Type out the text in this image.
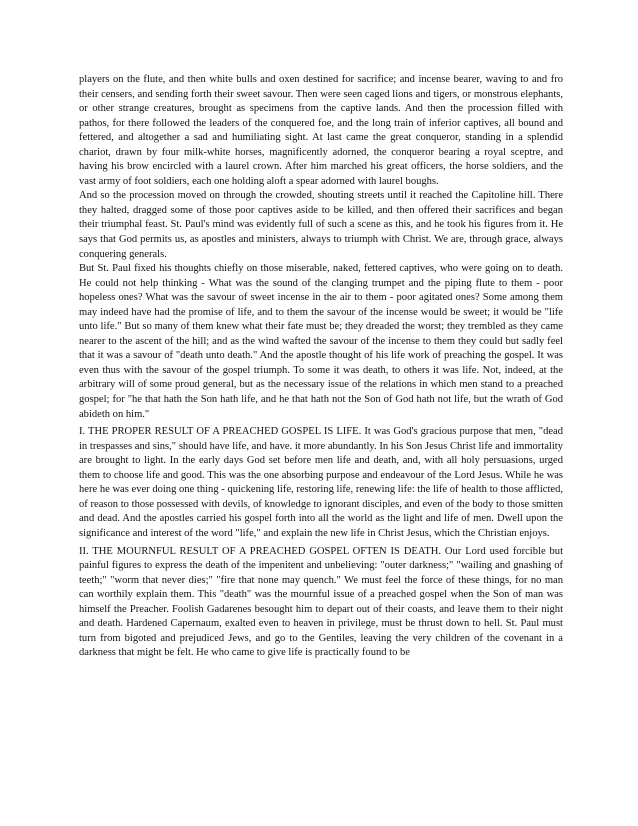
players on the flute, and then white bulls and oxen destined for sacrifice; and incense bearer, waving to and fro their censers, and sending forth their sweet savour. Then were seen caged lions and tigers, or monstrous elephants, or other strange creatures, brought as specimens from the captive lands. And then the procession filled with pathos, for there followed the leaders of the conquered foe, and the long train of inferior captives, all bound and fettered, and altogether a sad and humiliating sight. At last came the great conqueror, standing in a splendid chariot, drawn by four milk-white horses, magnificently adorned, the conqueror bearing a royal sceptre, and having his brow encircled with a laurel crown. After him marched his great officers, the horse soldiers, and the vast army of foot soldiers, each one holding aloft a spear adorned with laurel boughs.

And so the procession moved on through the crowded, shouting streets until it reached the Capitoline hill. There they halted, dragged some of those poor captives aside to be killed, and then offered their sacrifices and began their triumphal feast. St. Paul's mind was evidently full of such a scene as this, and he took his figures from it. He says that God permits us, as apostles and ministers, always to triumph with Christ. We are, through grace, always conquering generals.

But St. Paul fixed his thoughts chiefly on those miserable, naked, fettered captives, who were going on to death. He could not help thinking - What was the sound of the clanging trumpet and the piping flute to them - poor hopeless ones? What was the savour of sweet incense in the air to them - poor agitated ones? Some among them may indeed have had the promise of life, and to them the savour of the incense would be sweet; it would be "life unto life." But so many of them knew what their fate must be; they dreaded the worst; they trembled as they came nearer to the ascent of the hill; and as the wind wafted the savour of the incense to them they could but sadly feel that it was a savour of "death unto death." And the apostle thought of his life work of preaching the gospel. It was even thus with the savour of the gospel triumph. To some it was death, to others it was life. Not, indeed, at the arbitrary will of some proud general, but as the necessary issue of the relations in which men stand to a preached gospel; for "he that hath the Son hath life, and he that hath not the Son of God hath not life, but the wrath of God abideth on him."

I. THE PROPER RESULT OF A PREACHED GOSPEL IS LIFE. It was God's gracious purpose that men, "dead in trespasses and sins," should have life, and have. it more abundantly. In his Son Jesus Christ life and immortality are brought to light. In the early days God set before men life and death, and, with all holy persuasions, urged them to choose life and good. This was the one absorbing purpose and endeavour of the Lord Jesus. While he was here he was ever doing one thing - quickening life, restoring life, renewing life: the life of health to those afflicted, of reason to those possessed with devils, of knowledge to ignorant disciples, and even of the body to those smitten and dead. And the apostles carried his gospel forth into all the world as the light and life of men. Dwell upon the significance and interest of the word "life," and explain the new life in Christ Jesus, which the Christian enjoys.

II. THE MOURNFUL RESULT OF A PREACHED GOSPEL OFTEN IS DEATH. Our Lord used forcible but painful figures to express the death of the impenitent and unbelieving: "outer darkness;" "wailing and gnashing of teeth;" "worm that never dies;" "fire that none may quench." We must feel the force of these things, for no man can worthily explain them. This "death" was the mournful issue of a preached gospel when the Son of man was himself the Preacher. Foolish Gadarenes besought him to depart out of their coasts, and leave them to their night and death. Hardened Capernaum, exalted even to heaven in privilege, must be thrust down to hell. St. Paul must turn from bigoted and prejudiced Jews, and go to the Gentiles, leaving the very children of the covenant in a darkness that might be felt. He who came to give life is practically found to be
